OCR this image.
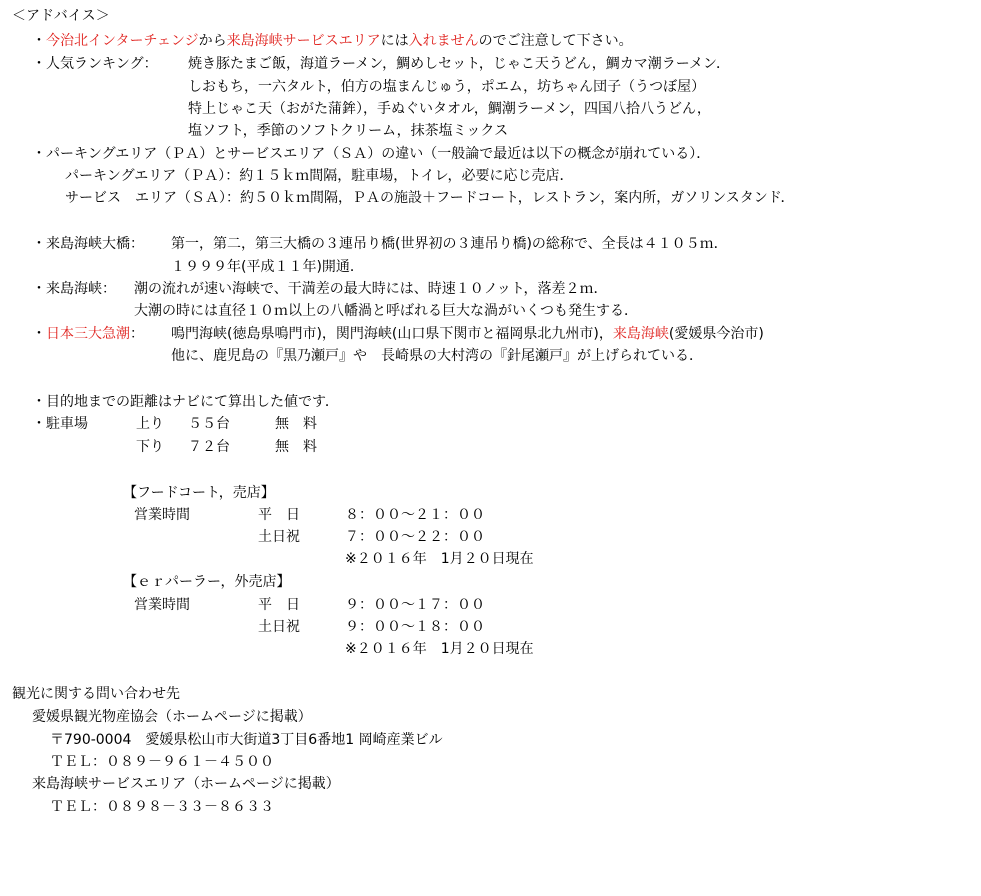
＜アドバイス＞
・今治北インターチェンジから来島海峡サービスエリアには入れませんのでご注意して下さい。
・人気ランキング： 焼き豚たまご飯，海道ラーメン，鯛めしセット，じゃこ天うどん，鯛カマ潮ラーメン．
しおもち，一六タルト，伯方の塩まんじゅう，ポエム，坊ちゃん団子（うつぼ屋）
特上じゃこ天（おがた蒲鉾），手ぬぐいタオル，鯛潮ラーメン，四国八拾八うどん，
塩ソフト，季節のソフトクリーム，抹茶塩ミックス
・パーキングエリア（ＰＡ）とサービスエリア（ＳＡ）の違い（一般論で最近は以下の概念が崩れている）．
パーキングエリア（ＰＡ）：約１５ｋｍ間隔，駐車場，トイレ，必要に応じ売店．
サービス　エリア（ＳＡ）：約５０ｋｍ間隔，ＰＡの施設＋フードコート，レストラン，案内所，ガソリンスタンド．
・来島海峡大橋： 第一，第二，第三大橋の３連吊り橋(世界初の３連吊り橋)の総称で、全長は４１０５ｍ．
１９９９年(平成１１年)開通．
・来島海峡： 潮の流れが速い海峡で、干満差の最大時には、時速１０ノット，落差２ｍ．
大潮の時には直径１０ｍ以上の八幡渦と呼ばれる巨大な渦がいくつも発生する．
・日本三大急潮： 鳴門海峡(徳島県鳴門市)，関門海峡(山口県下関市と福岡県北九州市)，来島海峡(愛媛県今治市)
他に、鹿児島の『黒乃瀬戸』や　長崎県の大村湾の『針尾瀬戸』が上げられている．
・目的地までの距離はナビにて算出した値です．
・駐車場	上り ５５台	無　料
下り ７２台	無　料
【フードコート，売店】
営業時間	平　日	８：００～２１：００
土日祝	７：００～２２：００
※２０１６年　1月２０日現在
【ｅｒパーラー，外売店】
営業時間	平　日	９：００～１７：００
土日祝	９：００～１８：００
※２０１６年　1月２０日現在
観光に関する問い合わせ先
愛媛県観光物産協会（ホームページに掲載）
〒790-0004　愛媛県松山市大街道3丁目6番地1 岡崎産業ビル
ＴＥＬ：０８９－９６１－４５００
来島海峡サービスエリア（ホームページに掲載）
ＴＥＬ：０８９８－３３－８６３３
